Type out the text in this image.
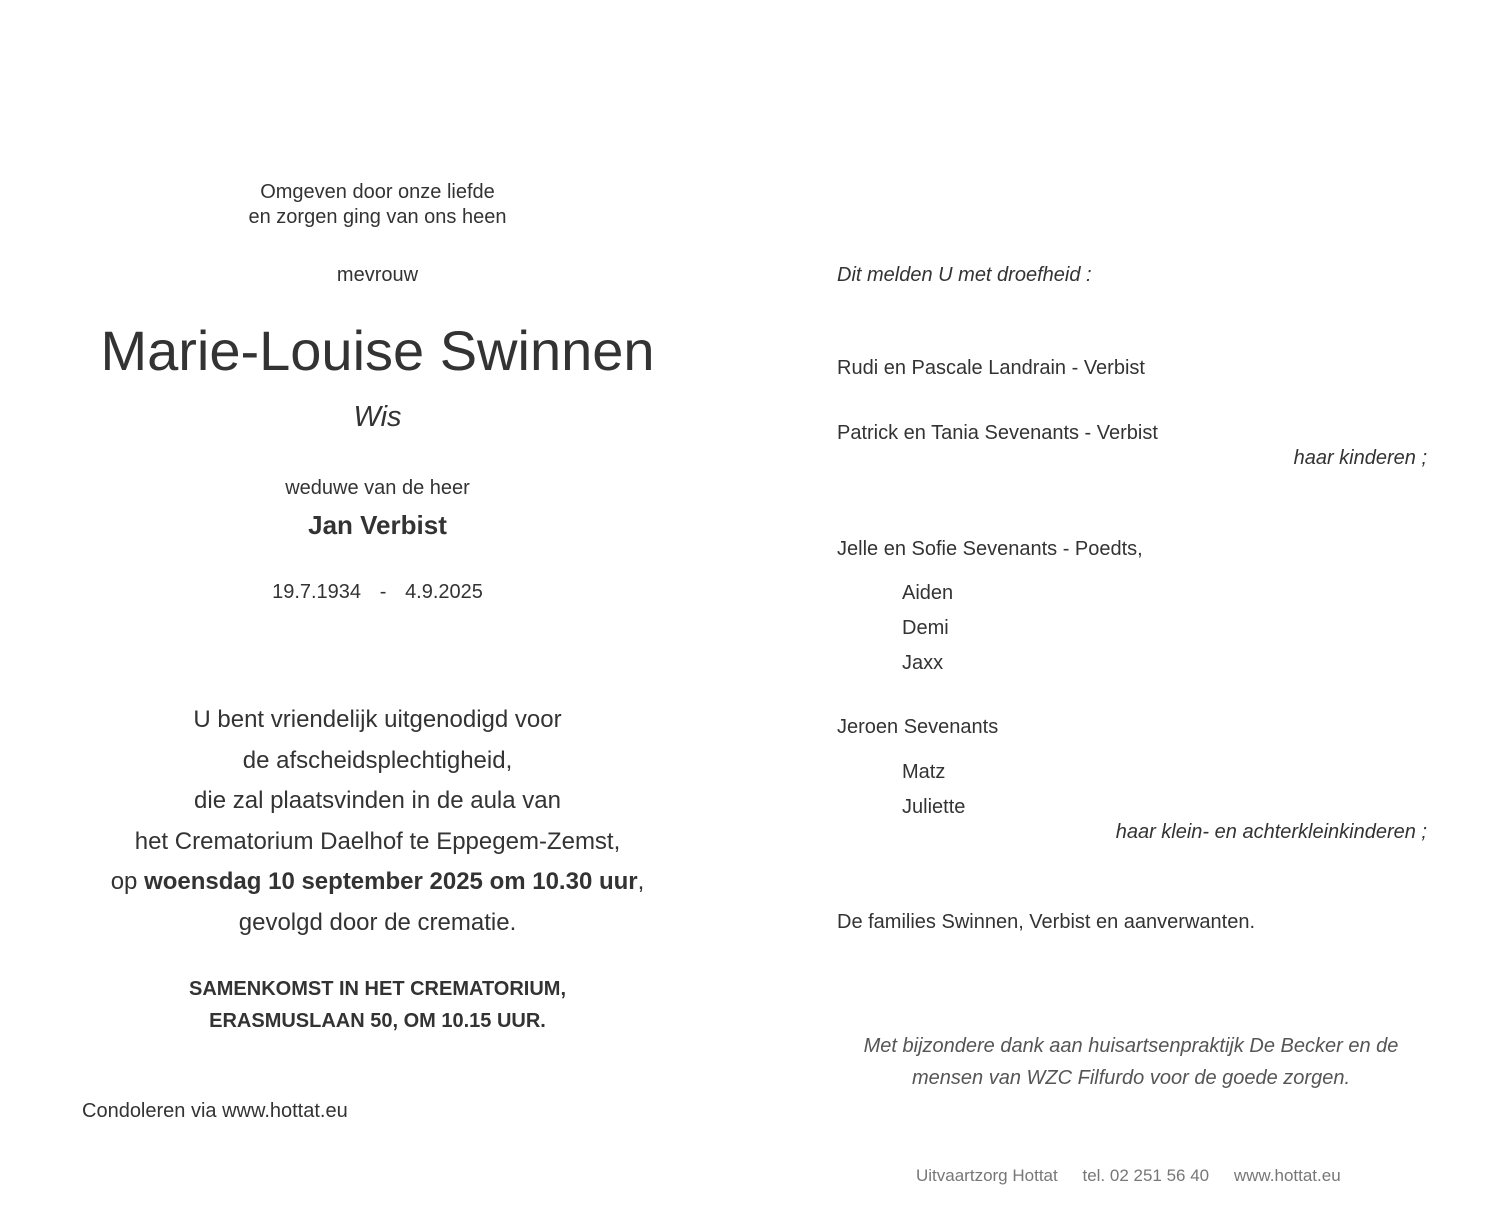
Omgeven door onze liefde
en zorgen ging van ons heen
mevrouw
Marie-Louise Swinnen
Wis
weduwe van de heer
Jan Verbist
19.7.1934 - 4.9.2025
U bent vriendelijk uitgenodigd voor
de afscheidsplechtigheid,
die zal plaatsvinden in de aula van
het Crematorium Daelhof te Eppegem-Zemst,
op woensdag 10 september 2025 om 10.30 uur,
gevolgd door de crematie.
SAMENKOMST IN HET CREMATORIUM,
ERASMUSLAAN 50, OM 10.15 UUR.
Condoleren via www.hottat.eu
Dit melden U met droefheid :
Rudi en Pascale Landrain - Verbist
Patrick en Tania Sevenants - Verbist
haar kinderen ;
Jelle en Sofie Sevenants - Poedts,
Aiden
Demi
Jaxx
Jeroen Sevenants
Matz
Juliette
haar klein- en achterkleinkinderen ;
De families Swinnen, Verbist en aanverwanten.
Met bijzondere dank aan huisartsenpraktijk De Becker en de
mensen van WZC Filfurdo voor de goede zorgen.
Uitvaartzorg Hottat tel. 02 251 56 40 www.hottat.eu
